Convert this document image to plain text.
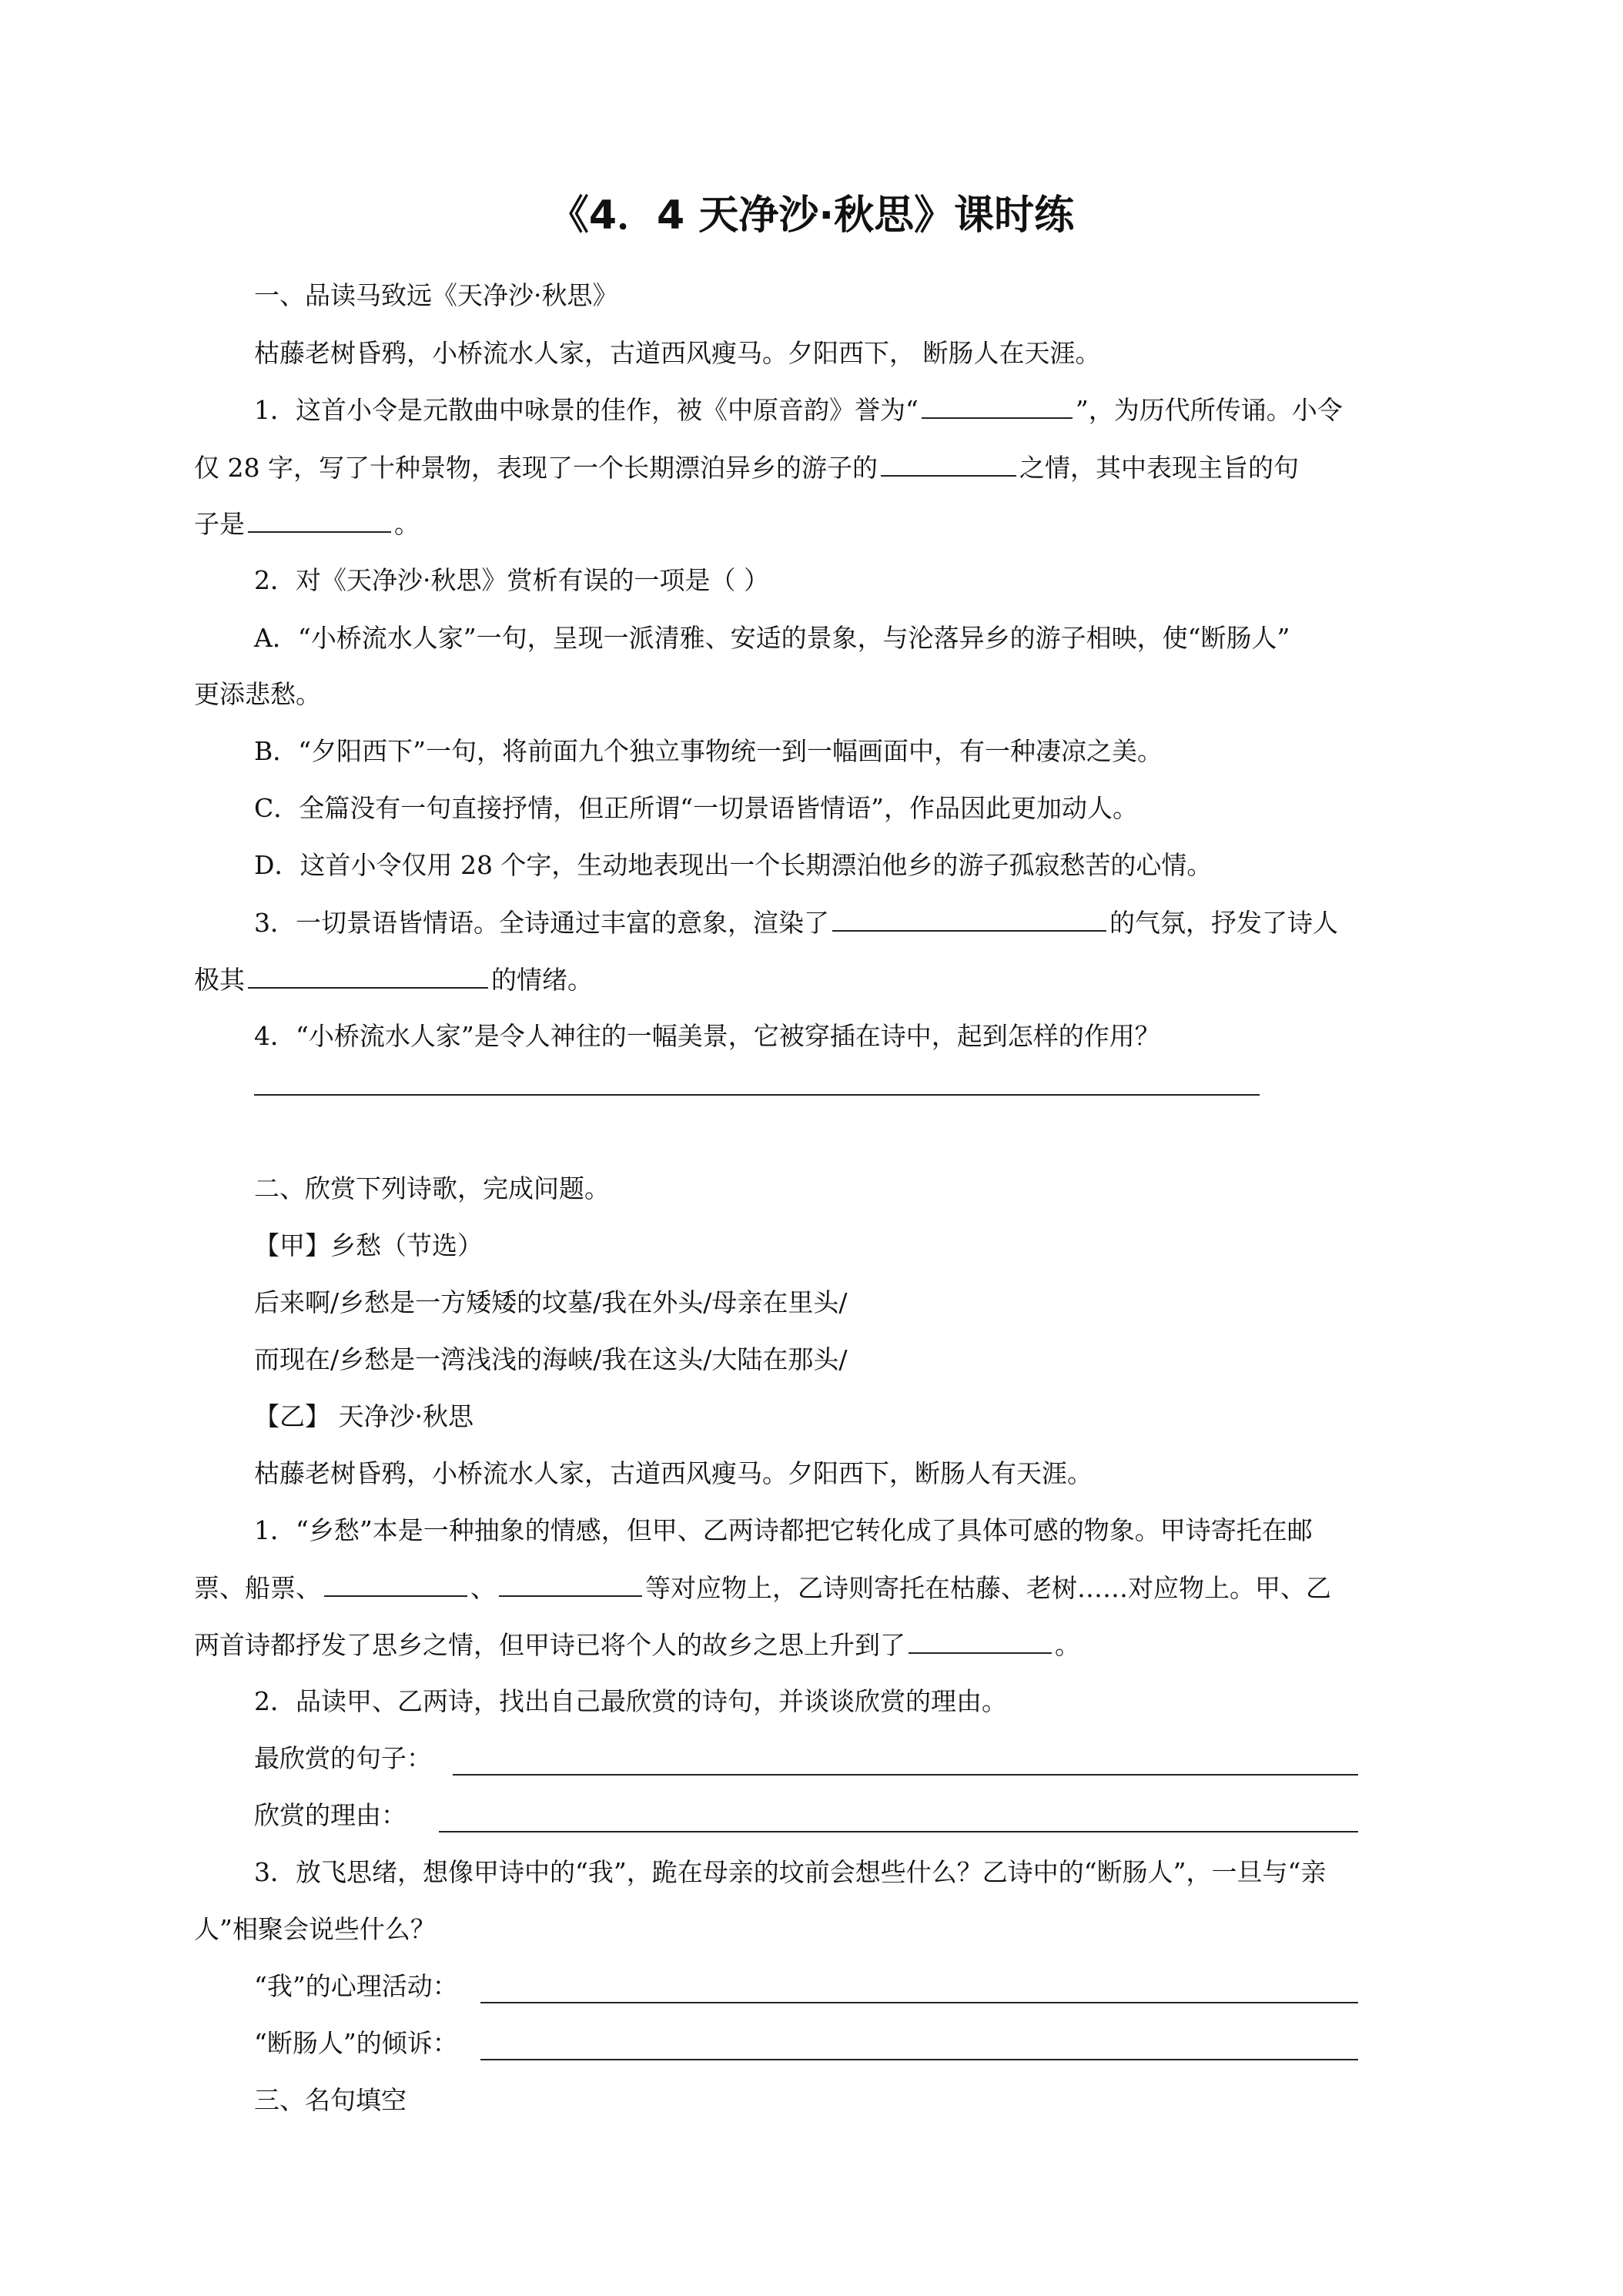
《4．4 天净沙·秋思》课时练
一、品读马致远《天净沙·秋思》
枯藤老树昏鸦，小桥流水人家，古道西风瘦马。夕阳西下， 断肠人在天涯。
1．这首小令是元散曲中咏景的佳作，被《中原音韵》誉为“	”，为历代所传诵。小令
仅 28 字，写了十种景物，表现了一个长期漂泊异乡的游子的	之情，其中表现主旨的句
子是	。
2．对《天净沙·秋思》赏析有误的一项是（ ）
A．“小桥流水人家”一句，呈现一派清雅、安适的景象，与沦落异乡的游子相映，使“断肠人”
更添悲愁。
B．“夕阳西下”一句，将前面九个独立事物统一到一幅画面中，有一种凄凉之美。
C．全篇没有一句直接抒情，但正所谓“一切景语皆情语”，作品因此更加动人。
D．这首小令仅用 28 个字，生动地表现出一个长期漂泊他乡的游子孤寂愁苦的心情。
3．一切景语皆情语。全诗通过丰富的意象，渲染了	的气氛，抒发了诗人
极其	的情绪。
4．“小桥流水人家”是令人神往的一幅美景，它被穿插在诗中，起到怎样的作用？
二、欣赏下列诗歌，完成问题。
【甲】乡愁（节选）
后来啊/乡愁是一方矮矮的坟墓/我在外头/母亲在里头/
而现在/乡愁是一湾浅浅的海峡/我在这头/大陆在那头/
【乙】 天净沙·秋思
枯藤老树昏鸦，小桥流水人家，古道西风瘦马。夕阳西下，断肠人有天涯。
1．“乡愁”本是一种抽象的情感，但甲、乙两诗都把它转化成了具体可感的物象。甲诗寄托在邮
票、船票、	、	等对应物上，乙诗则寄托在枯藤、老树……对应物上。甲、乙
两首诗都抒发了思乡之情，但甲诗已将个人的故乡之思上升到了	。
2．品读甲、乙两诗，找出自己最欣赏的诗句，并谈谈欣赏的理由。
最欣赏的句子：
欣赏的理由：
3．放飞思绪，想像甲诗中的“我”，跪在母亲的坟前会想些什么？乙诗中的“断肠人”，一旦与“亲
人”相聚会说些什么？
“我”的心理活动：
“断肠人”的倾诉：
三、名句填空
